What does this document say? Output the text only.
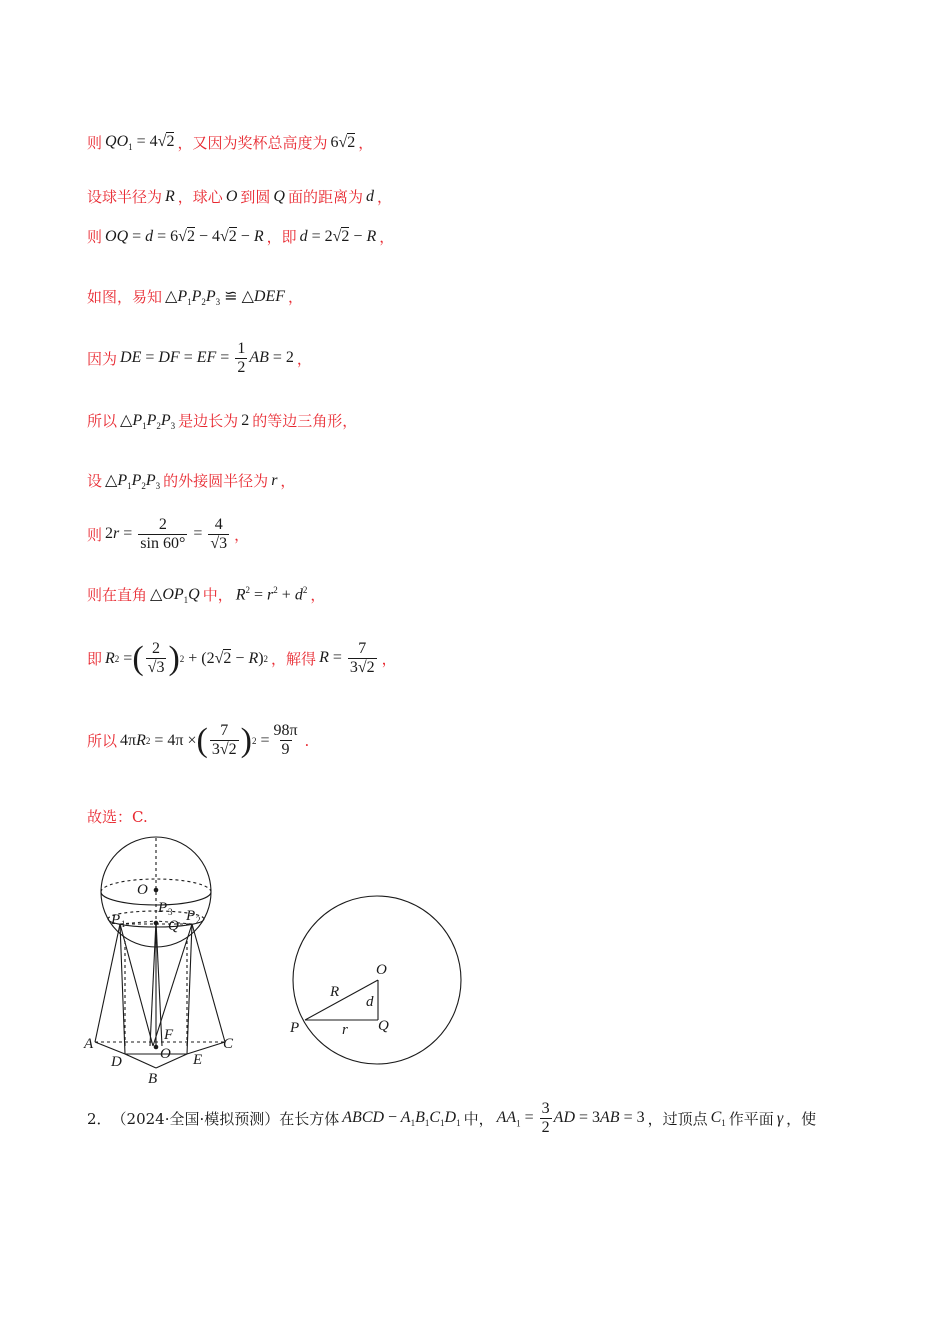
则 $QO_1 = 4√2$ ，又因为奖杯总高度为 6√2 ，
设球半径为 R ，球心 O 到圆 Q 面的距离为 d ，
则 OQ = d = 6√2 − 4√2 − R ，即 d = 2√2 − R ，
如图，易知 $\triangle P_1P_2P_3$ ≌ △DEF ，
因为 DE = DF = EF = $\frac{1}{2}$ AB = 2 ，
所以 $\triangle P_1P_2P_3$ 是边长为 2 的等边三角形，
设 $\triangle P_1P_2P_3$ 的外接圆半径为 r ，
则 $2r = \frac{2}{\sin 60^\circ} = \frac{4}{√3}$ ，
则在直角 $\triangle OP_1Q$ 中， $R^2 = r^2 + d^2$ ，
即 R 2
= ( $\frac{2}{√3}$ ) 2
+ (2√2 − R ) 2 ，解得 $R = \frac{7}{3√2}$ ，
所以 4π R 2
= 4π × ( $\frac{7}{3√2}$ ) 2
= $\frac{98\pi}{9}$ .
故选：C.
O
P	P
P
Q
A
D
F
O E
C
B
1	2
3
O
R
d
P	r Q
2． （2024·全国·模拟预测）在长方体 ABCD − $A_1B_1C_1D_1$ 中， $AA_1 = \frac{3}{2}$ AD = 3AB = 3 ，过顶点 $C_1$ 作平面 γ ，使
